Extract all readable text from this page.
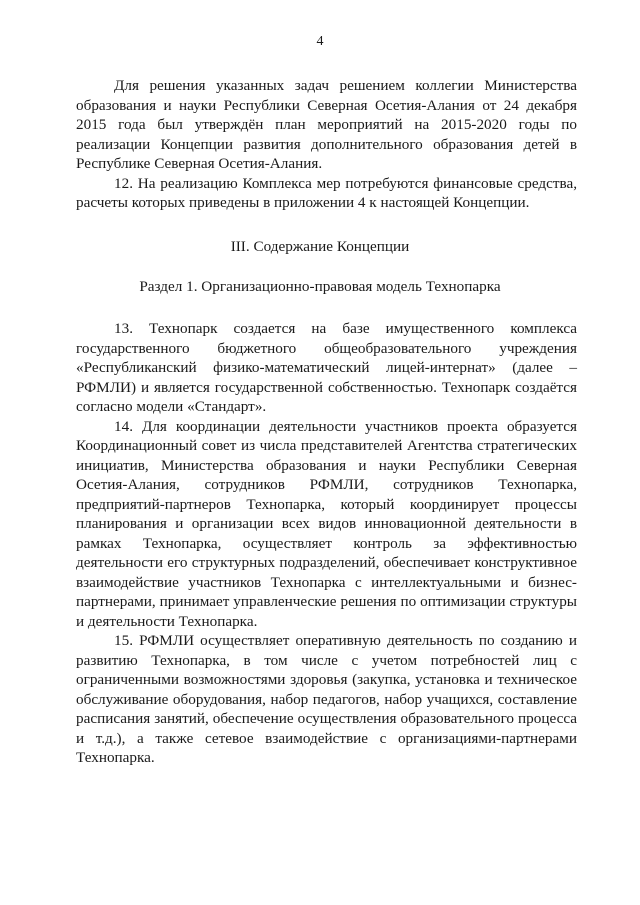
4

Для решения указанных задач решением коллегии Министерства образования и науки Республики Северная Осетия-Алания от 24 декабря 2015 года был утверждён план мероприятий на 2015-2020 годы по реализации Концепции развития дополнительного образования детей в Республике Северная Осетия-Алания.

12. На реализацию Комплекса мер потребуются финансовые средства, расчеты которых приведены в приложении 4 к настоящей Концепции.

III. Содержание Концепции
Раздел 1. Организационно-правовая модель Технопарка

13. Технопарк создается на базе имущественного комплекса государственного бюджетного общеобразовательного учреждения «Республиканский физико-математический лицей-интернат» (далее – РФМЛИ) и является государственной собственностью. Технопарк создаётся согласно модели «Стандарт».

14. Для координации деятельности участников проекта образуется Координационный совет из числа представителей Агентства стратегических инициатив, Министерства образования и науки Республики Северная Осетия-Алания, сотрудников РФМЛИ, сотрудников Технопарка, предприятий-партнеров Технопарка, который координирует процессы планирования и организации всех видов инновационной деятельности в рамках Технопарка, осуществляет контроль за эффективностью деятельности его структурных подразделений, обеспечивает конструктивное взаимодействие участников Технопарка с интеллектуальными и бизнес-партнерами, принимает управленческие решения по оптимизации структуры и деятельности Технопарка.

15. РФМЛИ осуществляет оперативную деятельность по созданию и развитию Технопарка, в том числе с учетом потребностей лиц с ограниченными возможностями здоровья (закупка, установка и техническое обслуживание оборудования, набор педагогов, набор учащихся, составление расписания занятий, обеспечение осуществления образовательного процесса и т.д.), а также сетевое взаимодействие с организациями-партнерами Технопарка.
